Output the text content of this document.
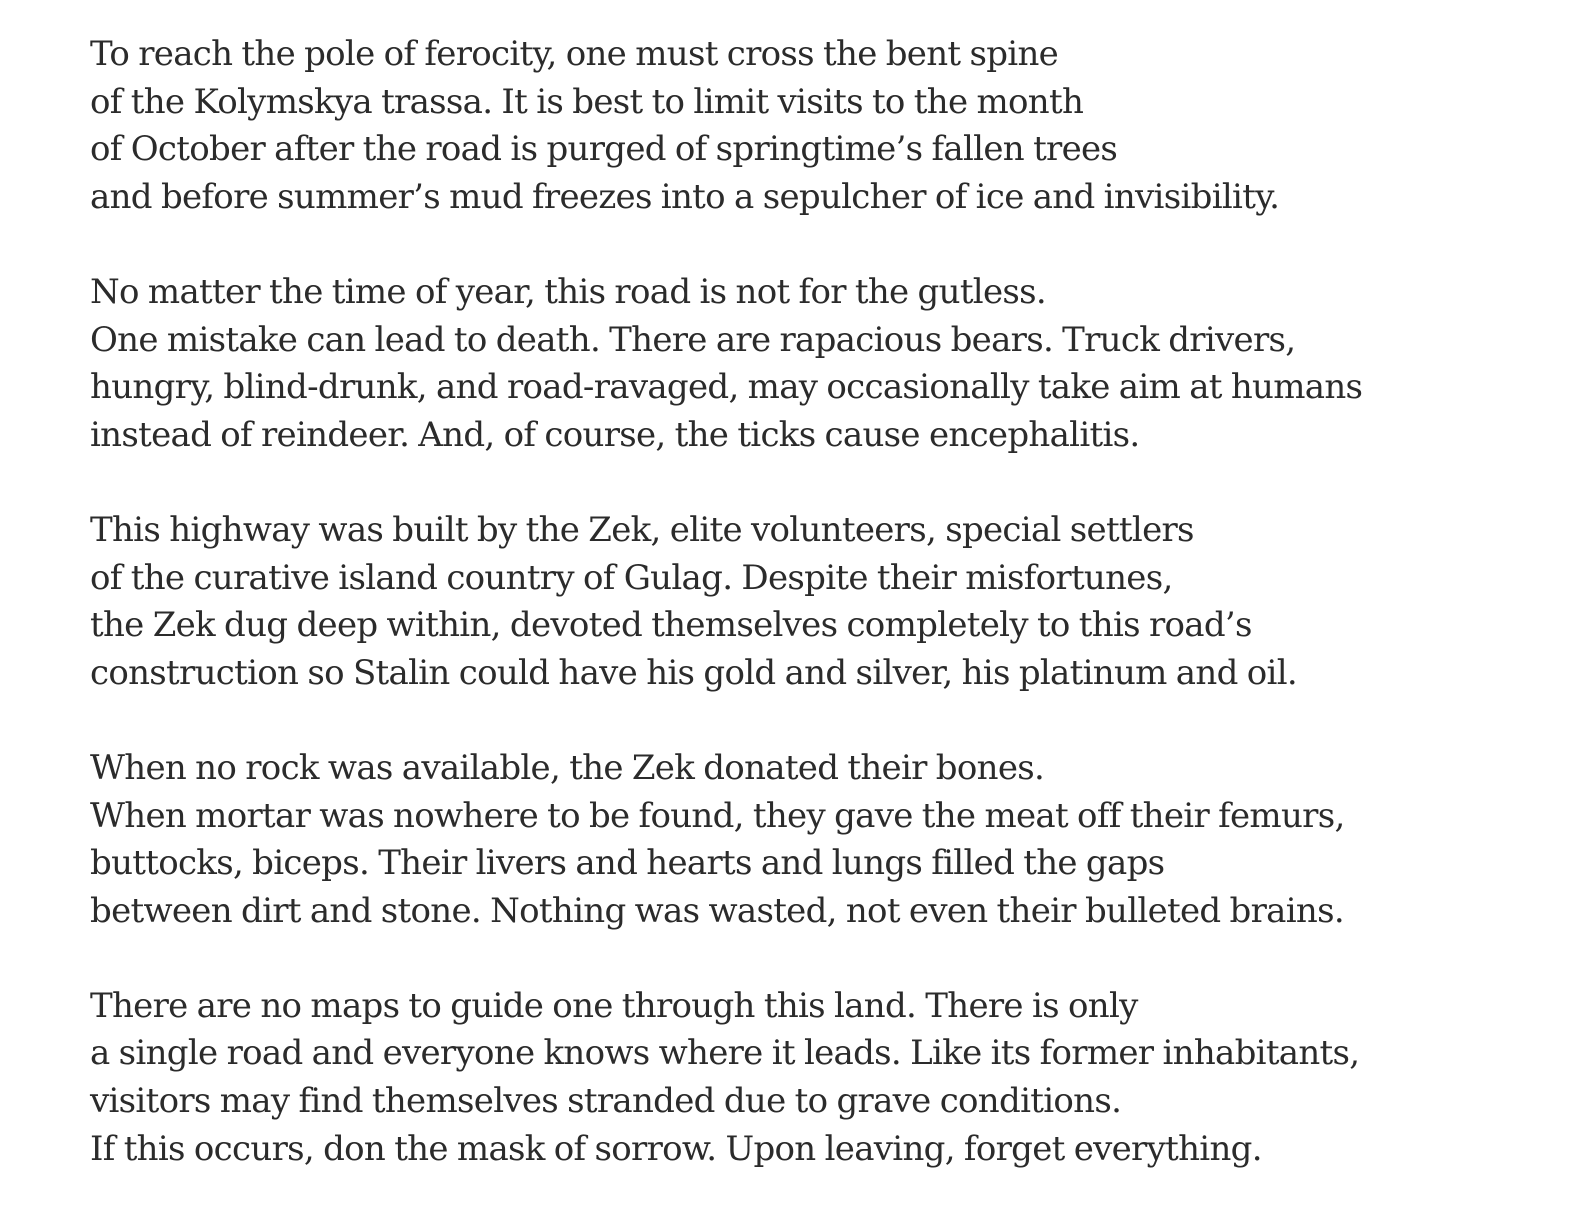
To reach the pole of ferocity, one must cross the bent spine
of the Kolymskya trassa. It is best to limit visits to the month
of October after the road is purged of springtime’s fallen trees
and before summer’s mud freezes into a sepulcher of ice and invisibility.
No matter the time of year, this road is not for the gutless.
One mistake can lead to death. There are rapacious bears. Truck drivers,
hungry, blind-drunk, and road-ravaged, may occasionally take aim at humans
instead of reindeer. And, of course, the ticks cause encephalitis.
This highway was built by the Zek, elite volunteers, special settlers
of the curative island country of Gulag. Despite their misfortunes,
the Zek dug deep within, devoted themselves completely to this road’s
construction so Stalin could have his gold and silver, his platinum and oil.
When no rock was available, the Zek donated their bones.
When mortar was nowhere to be found, they gave the meat off their femurs,
buttocks, biceps. Their livers and hearts and lungs filled the gaps
between dirt and stone. Nothing was wasted, not even their bulleted brains.
There are no maps to guide one through this land. There is only
a single road and everyone knows where it leads. Like its former inhabitants,
visitors may find themselves stranded due to grave conditions.
If this occurs, don the mask of sorrow. Upon leaving, forget everything.
